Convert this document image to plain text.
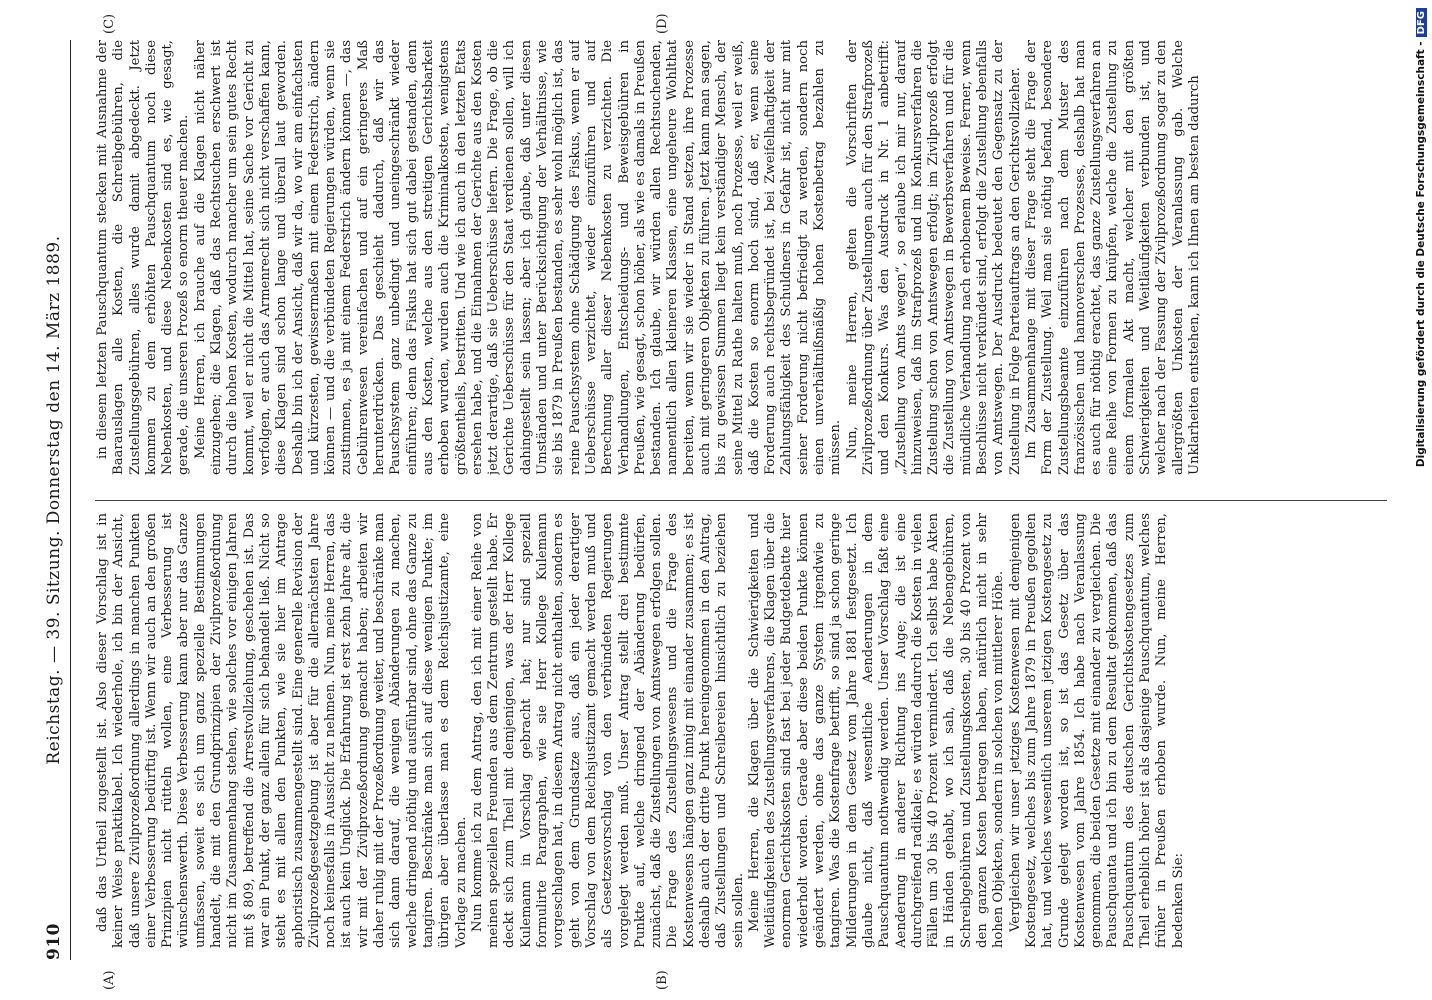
910
Reichstag. — 39. Sitzung. Donnerstag den 14. März 1889.
(A)	(B)
(C)	(D)

daß das Urtheil zugestellt ist. Also dieser Vorschlag ist in keiner Weise praktikabel. Ich wiederhole, ich bin der Ansicht, daß unsere Zivilprozeßordnung allerdings in manchen Punkten einer Verbesserung bedürftig ist. Wenn wir auch an den großen Prinzipien nicht rütteln wollen, eine Verbesserung ist wünschenswerth. Diese Verbesserung kann aber nur das Ganze umfassen, soweit es sich um ganz spezielle Bestimmungen handelt, die mit den Grundprinzipien der Zivilprozeßordnung nicht im Zusammenhang stehen, wie solches vor einigen Jahren mit § 809, betreffend die Arrestvollziehung, geschehen ist. Das war ein Punkt, der ganz allein für sich behandelt ließ. Nicht so steht es mit allen den Punkten, wie sie hier im Antrage aphoristisch zusammengestellt sind. Eine generelle Revision der Zivilprozeßgesetzgebung ist aber für die allernächsten Jahre noch keinesfalls in Aussicht zu nehmen. Nun, meine Herren, das ist auch kein Unglück. Die Erfahrung ist erst zehn Jahre alt, die wir mit der Zivilprozeßordnung gemacht haben; arbeiten wir daher ruhig mit der Prozeßordnung weiter, und beschränke man sich dann darauf, die wenigen Abänderungen zu machen, welche dringend nöthig und ausführbar sind, ohne das Ganze zu tangiren. Beschränke man sich auf diese wenigen Punkte; im übrigen aber überlasse man es dem Reichsjustizamte, eine Vorlage zu machen. Nun komme ich zu dem Antrag, den ich mit einer Reihe von meinen speziellen Freunden aus dem Zentrum gestellt habe. Er deckt sich zum Theil mit demjenigen, was der Herr Kollege Kulemann in Vorschlag gebracht hat; nur sind speziell formulirte Paragraphen, wie sie Herr Kollege Kulemann vorgeschlagen hat, in diesem Antrag nicht enthalten, sondern es geht von dem Grundsatze aus, daß ein jeder derartiger Vorschlag von dem Reichsjustizamt gemacht werden muß und als Gesetzesvorschlag von den verbündeten Regierungen vorgelegt werden muß. Unser Antrag stellt drei bestimmte Punkte auf, welche dringend der Abänderung bedürfen, zunächst, daß die Zustellungen von Amtswegen erfolgen sollen. Die Frage des Zustellungswesens und die Frage des Kostenwesens hängen ganz innig mit einander zusammen; es ist deshalb auch der dritte Punkt hereingenommen in den Antrag, daß Zustellungen und Schreibereien hinsichtlich zu beziehen sein sollen. Meine Herren, die Klagen über die Schwierigkeiten und Weitläufigkeiten des Zustellungsverfahrens, die Klagen über die enormen Gerichtskosten sind fast bei jeder Budgetdebatte hier wiederholt worden. Gerade aber diese beiden Punkte können geändert werden, ohne das ganze System irgendwie zu tangiren. Was die Kostenfrage betrifft, so sind ja schon geringe Milderungen in dem Gesetz vom Jahre 1881 festgesetzt. Ich glaube nicht, daß wesentliche Aenderungen in dem Pauschquantum nothwendig werden. Unser Vorschlag faßt eine Aenderung in anderer Richtung ins Auge; die ist eine durchgreifend radikale; es würden dadurch die Kosten in vielen Fällen um 30 bis 40 Prozent vermindert. Ich selbst habe Akten in Händen gehabt, wo ich sah, daß die Nebengebühren, Schreibgebühren und Zustellungskosten, 30 bis 40 Prozent von den ganzen Kosten betragen haben, natürlich nicht in sehr hohen Objekten, sondern in solchen von mittlerer Höhe. Vergleichen wir unser jetziges Kostenwesen mit demjenigen Kostengesetz, welches bis zum Jahre 1879 in Preußen gegolten hat, und welches wesentlich unserem jetzigen Kostengesetz zu Grunde gelegt worden ist, so ist das Gesetz über das Kostenwesen vom Jahre 1854. Ich habe nach Veranlassung genommen, die beiden Gesetze mit einander zu vergleichen. Die Pauschquanta und ich bin zu dem Resultat gekommen, daß das Pauschquantum des deutschen Gerichtskostengesetzes zum Theil erheblich höher ist als dasjenige Pauschquantum, welches früher in Preußen erhoben wurde. Nun, meine Herren, bedenken Sie:

in diesem letzten Pauschquantum stecken mit Ausnahme der Baarauslagen alle Kosten, die Schreibgebühren, die Zustellungsgebühren, alles wurde damit abgedeckt. Jetzt kommen zu dem erhöhten Pauschquantum noch diese Nebenkosten, und diese Nebenkosten sind es, wie gesagt, gerade, die unseren Prozeß so enorm theuer machen. Meine Herren, ich brauche auf die Klagen nicht näher einzugehen; die Klagen, daß das Rechtsuchen erschwert ist durch die hohen Kosten, wodurch mancher um sein gutes Recht kommt, weil er nicht die Mittel hat, seine Sache vor Gericht zu verfolgen, er auch das Armenrecht sich nicht verschaffen kann, diese Klagen sind schon lange und überall laut geworden. Deshalb bin ich der Ansicht, daß wir da, wo wir am einfachsten und kürzesten, gewissermaßen mit einem Federstrich, ändern können — und die verbündeten Regierungen würden, wenn sie zustimmen, es ja mit einem Federstrich ändern können —, das Gebührenwesen vereinfachen und auf ein geringeres Maß herunterdrücken. Das geschieht dadurch, daß wir das Pauschsystem ganz unbedingt und uneingeschränkt wieder einführen; denn das Fiskus hat sich gut dabei gestanden, denn aus den Kosten, welche aus den streitigen Gerichtsbarkeit erhoben wurden, wurden auch die Kriminalkosten, wenigstens größtentheils, bestritten. Und wie ich auch in den letzten Etats ersehen habe, und die Einnahmen der Gerichte aus den Kosten jetzt derartige, daß sie Ueberschüsse liefern. Die Frage, ob die Gerichte Ueberschüsse für den Staat verdienen sollen, will ich dahingestellt sein lassen; aber ich glaube, daß unter diesen Umständen und unter Berücksichtigung der Verhältnisse, wie sie bis 1879 in Preußen bestanden, es sehr wohl möglich ist, das reine Pauschsystem ohne Schädigung des Fiskus, wenn er auf Ueberschüsse verzichtet, wieder einzuführen und auf Berechnung aller dieser Nebenkosten zu verzichten. Die Verhandlungen, Entscheidungs- und Beweisgebühren in Preußen, wie gesagt, schon höher, als wie es damals in Preußen bestanden. Ich glaube, wir würden allen Rechtsuchenden, namentlich allen kleineren Klassen, eine ungeheure Wohlthat bereiten, wenn wir sie wieder in Stand setzen, ihre Prozesse auch mit geringeren Objekten zu führen. Jetzt kann man sagen, bis zu gewissen Summen liegt kein verständiger Mensch, der seine Mittel zu Rathe halten muß, noch Prozesse, weil er weiß, daß die Kosten so enorm hoch sind, daß er, wenn seine Forderung auch rechtsbegründet ist, bei Zweifelhaftigkeit der Zahlungsfähigkeit des Schuldners in Gefahr ist, nicht nur mit seiner Forderung nicht befriedigt zu werden, sondern noch einen unverhältnißmäßig hohen Kostenbetrag bezahlen zu müssen. Nun, meine Herren, gelten die Vorschriften der Zivilprozeßordnung über Zustellungen auch für den Strafprozeß und den Konkurs. Was den Ausdruck in Nr. 1 anbetrifft: „Zustellung von Amts wegen“, so erlaube ich mir nur, darauf hinzuweisen, daß im Strafprozeß und im Konkursverfahren die Zustellung schon von Amtswegen erfolgt; im Zivilprozeß erfolgt die Zustellung von Amtswegen in Bewerbsverfahren und für die mündliche Verhandlung nach erhobenem Beweise. Ferner, wenn Beschlüsse nicht verkündet sind, erfolgt die Zustellung ebenfalls von Amtswegen. Der Ausdruck bedeutet den Gegensatz zu der Zustellung in Folge Parteiauftrags an den Gerichtsvollzieher. Im Zusammenhange mit dieser Frage steht die Frage der Form der Zustellung. Weil man sie nöthig befand, besondere Zustellungsbeamte einzuführen nach dem Muster des französischen und hannoverschen Prozesses, deshalb hat man es auch für nöthig erachtet, das ganze Zustellungsverfahren an eine Reihe von Formen zu knüpfen, welche die Zustellung zu einem formalen Akt macht, welcher mit den größten Schwierigkeiten und Weitläufigkeiten verbunden ist, und welcher nach der Fassung der Zivilprozeßordnung sogar zu den allergrößten Unkosten der Veranlassung gab. Welche Unklarheiten entstehen, kann ich Ihnen am besten dadurch	Digitalisierung gefördert durch die Deutsche Forschungsgemeinschaft -DFG
